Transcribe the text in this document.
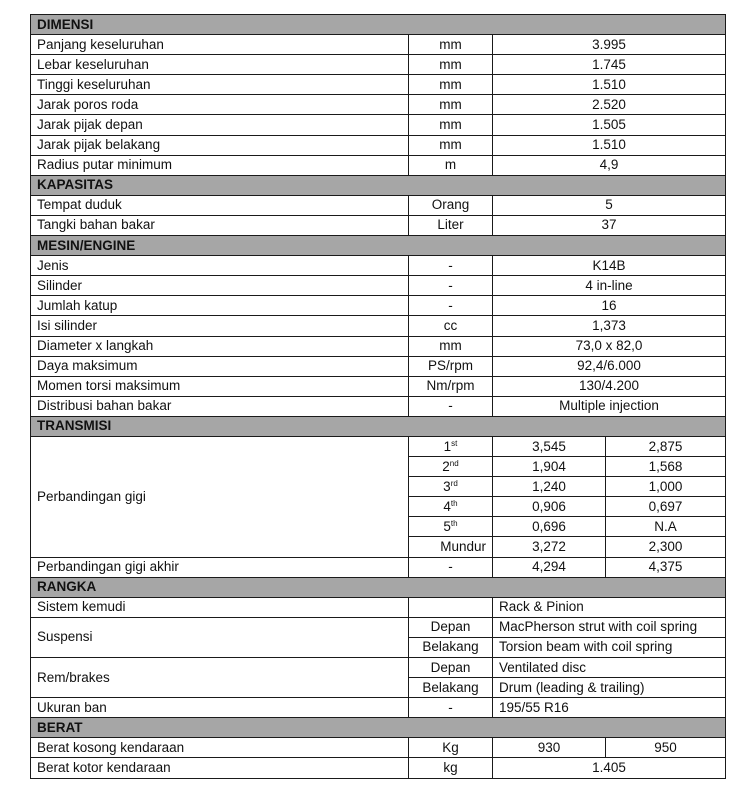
DIMENSI			
Panjang keseluruhan	mm	3.995	
Lebar keseluruhan	mm	1.745	
Tinggi keseluruhan	mm	1.510	
Jarak poros roda	mm	2.520	
Jarak pijak depan	mm	1.505	
Jarak pijak belakang	mm	1.510	
Radius putar minimum	m	4,9	
KAPASITAS			
Tempat duduk	Orang	5	
Tangki bahan bakar	Liter	37	
MESIN/ENGINE			
Jenis	-	K14B	
Silinder	-	4 in-line	
Jumlah katup	-	16	
Isi silinder	cc	1,373	
Diameter x langkah	mm	73,0 x 82,0	
Daya maksimum	PS/rpm	92,4/6.000	
Momen torsi maksimum	Nm/rpm	130/4.200	
Distribusi bahan bakar	-	Multiple injection	
TRANSMISI			
Perbandingan gigi	1st	3,545	2,875
	2nd	1,904	1,568
	3rd	1,240	1,000
	4th	0,906	0,697
	5th	0,696	N.A
	Mundur	3,272	2,300
Perbandingan gigi akhir	-	4,294	4,375
RANGKA			
Sistem kemudi		Rack & Pinion	
Suspensi	Depan	MacPherson strut with coil spring	
	Belakang	Torsion beam with coil spring	
Rem/brakes	Depan	Ventilated disc	
	Belakang	Drum (leading & trailing)	
Ukuran ban	-	195/55 R16	
BERAT			
Berat kosong kendaraan	Kg	930	950
Berat kotor kendaraan	kg	1.405	
